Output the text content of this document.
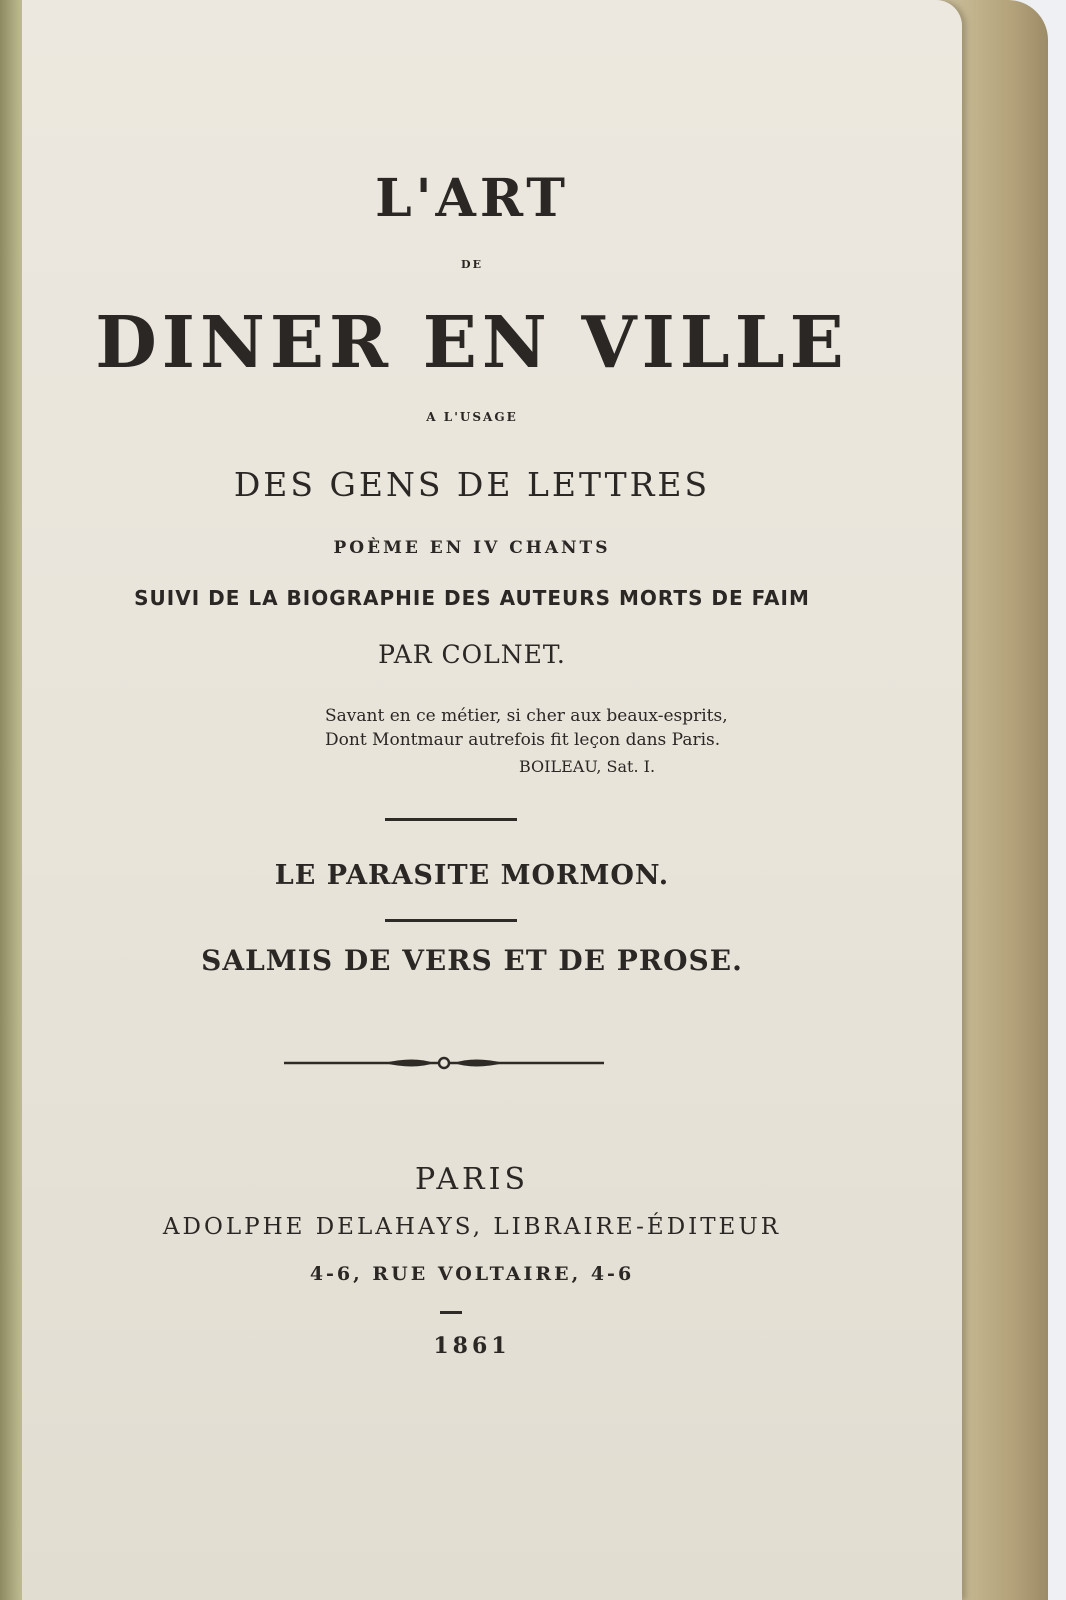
L'ART
DE
DINER EN VILLE
A L'USAGE
DES GENS DE LETTRES
POÈME EN IV CHANTS
SUIVI DE LA BIOGRAPHIE DES AUTEURS MORTS DE FAIM
PAR COLNET.
Savant en ce métier, si cher aux beaux-esprits,
Dont Montmaur autrefois fit leçon dans Paris.
BOILEAU, Sat. I.
LE PARASITE MORMON.
SALMIS DE VERS ET DE PROSE.
PARIS
ADOLPHE DELAHAYS, LIBRAIRE-ÉDITEUR
4-6, RUE VOLTAIRE, 4-6
1861
